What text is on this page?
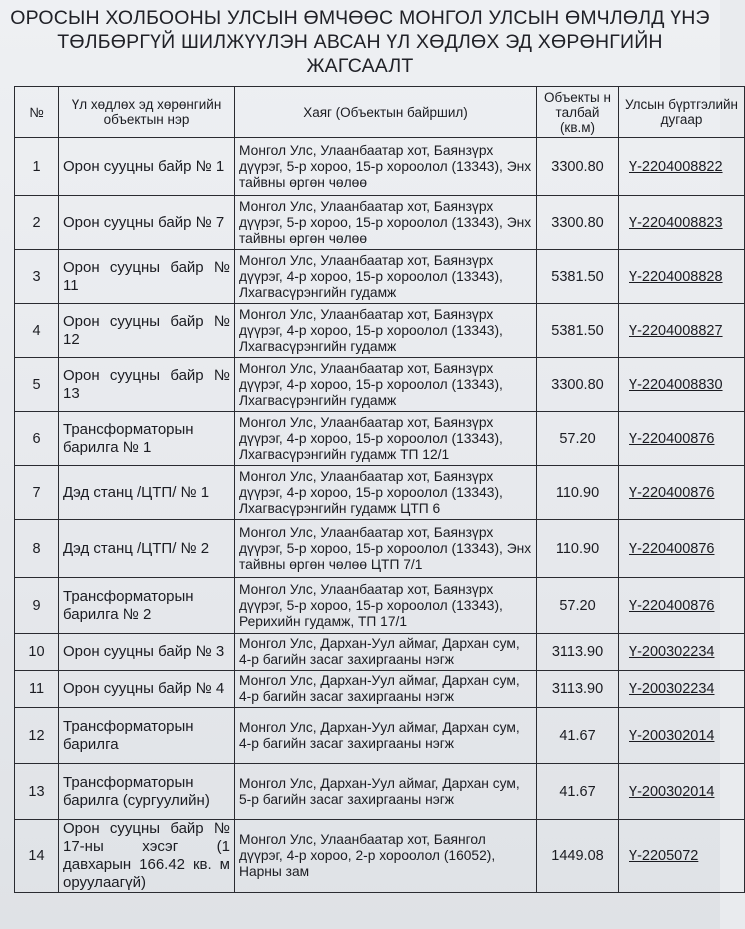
ОРОСЫН ХОЛБООНЫ УЛСЫН ӨМЧӨӨС МОНГОЛ УЛСЫН ӨМЧЛӨЛД ҮНЭ
ТӨЛБӨРГҮЙ ШИЛЖҮҮЛЭН АВСАН ҮЛ ХӨДЛӨХ ЭД ХӨРӨНГИЙН
ЖАГСААЛТ
№	Үл хөдлөх эд хөрөнгийн объектын нэр	Хаяг (Объектын байршил)	Объекты н талбай (кв.м)	Улсын бүртгэлийн дугаар
1	Орон сууцны байр № 1	Монгол Улс, Улаанбаатар хот, Баянзүрх дүүрэг, 5-р хороо, 15-р хороолол (13343), Энх тайвны өргөн чөлөө	3300.80	Ү-2204008822
2	Орон сууцны байр № 7	Монгол Улс, Улаанбаатар хот, Баянзүрх дүүрэг, 5-р хороо, 15-р хороолол (13343), Энх тайвны өргөн чөлөө	3300.80	Ү-2204008823
3	Орон сууцны байр № 11	Монгол Улс, Улаанбаатар хот, Баянзүрх дүүрэг, 4-р хороо, 15-р хороолол (13343), Лхагвасүрэнгийн гудамж	5381.50	Ү-2204008828
4	Орон сууцны байр № 12	Монгол Улс, Улаанбаатар хот, Баянзүрх дүүрэг, 4-р хороо, 15-р хороолол (13343), Лхагвасүрэнгийн гудамж	5381.50	Ү-2204008827
5	Орон сууцны байр № 13	Монгол Улс, Улаанбаатар хот, Баянзүрх дүүрэг, 4-р хороо, 15-р хороолол (13343), Лхагвасүрэнгийн гудамж	3300.80	Ү-2204008830
6	Трансформаторын барилга № 1	Монгол Улс, Улаанбаатар хот, Баянзүрх дүүрэг, 4-р хороо, 15-р хороолол (13343), Лхагвасүрэнгийн гудамж ТП 12/1	57.20	Ү-220400876
7	Дэд станц /ЦТП/ № 1	Монгол Улс, Улаанбаатар хот, Баянзүрх дүүрэг, 4-р хороо, 15-р хороолол (13343), Лхагвасүрэнгийн гудамж ЦТП 6	110.90	Ү-220400876
8	Дэд станц /ЦТП/ № 2	Монгол Улс, Улаанбаатар хот, Баянзүрх дүүрэг, 5-р хороо, 15-р хороолол (13343), Энх тайвны өргөн чөлөө ЦТП 7/1	110.90	Ү-220400876
9	Трансформаторын барилга № 2	Монгол Улс, Улаанбаатар хот, Баянзүрх дүүрэг, 5-р хороо, 15-р хороолол (13343), Рерихийн гудамж, ТП 17/1	57.20	Ү-220400876
10	Орон сууцны байр № 3	Монгол Улс, Дархан-Уул аймаг, Дархан сум, 4-р багийн засаг захиргааны нэгж	3113.90	Ү-200302234
11	Орон сууцны байр № 4	Монгол Улс, Дархан-Уул аймаг, Дархан сум, 4-р багийн засаг захиргааны нэгж	3113.90	Ү-200302234
12	Трансформаторын барилга	Монгол Улс, Дархан-Уул аймаг, Дархан сум, 4-р багийн засаг захиргааны нэгж	41.67	Ү-200302014
13	Трансформаторын барилга (сургуулийн)	Монгол Улс, Дархан-Уул аймаг, Дархан сум, 5-р багийн засаг захиргааны нэгж	41.67	Ү-200302014
14	Орон сууцны байр № 17-ны хэсэг (1 давхарын 166.42 кв. м оруулаагүй)	Монгол Улс, Улаанбаатар хот, Баянгол дүүрэг, 4-р хороо, 2-р хороолол (16052), Нарны зам	1449.08	Ү-2205072
